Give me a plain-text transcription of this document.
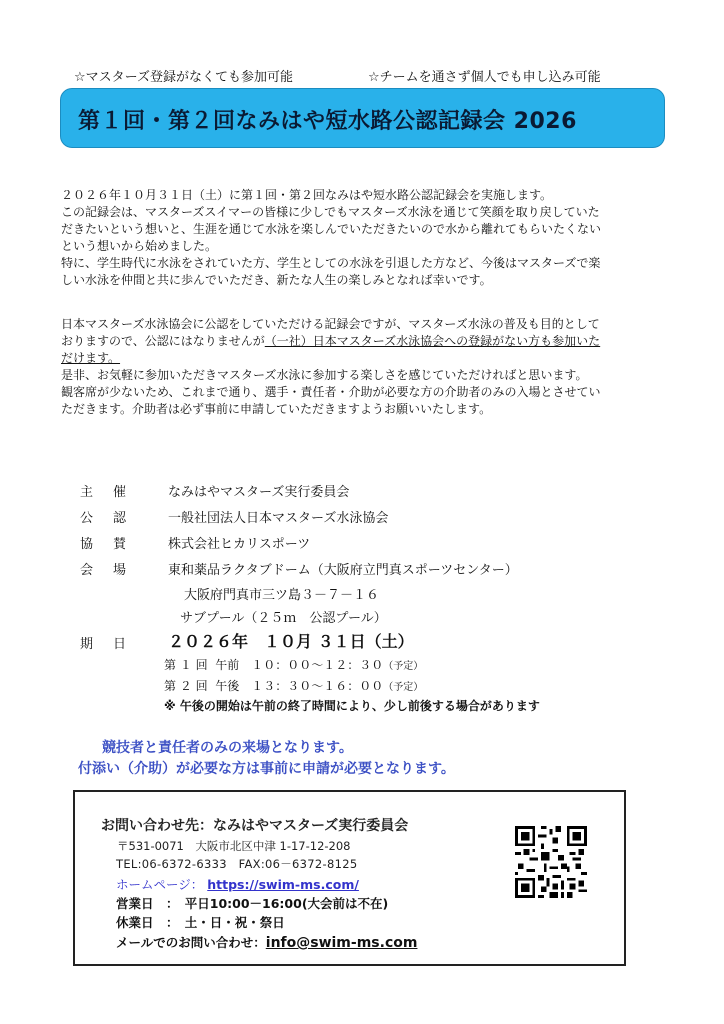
☆マスターズ登録がなくても参加可能	☆チームを通さず個人でも申し込み可能
第１回・第２回なみはや短水路公認記録会 2026

２０２６年１０月３１日（土）に第１回・第２回なみはや短水路公認記録会を実施します。

この記録会は、マスターズスイマーの皆様に少しでもマスターズ水泳を通じて笑顔を取り戻していた

だきたいという想いと、生涯を通じて水泳を楽しんでいただきたいので水から離れてもらいたくない

という想いから始めました。

特に、学生時代に水泳をされていた方、学生としての水泳を引退した方など、今後はマスターズで楽

しい水泳を仲間と共に歩んでいただき、新たな人生の楽しみとなれば幸いです。

日本マスターズ水泳協会に公認をしていただける記録会ですが、マスターズ水泳の普及も目的として

おりますので、公認にはなりませんが（一社）日本マスターズ水泳協会への登録がない方も参加いた

だけます。

是非、お気軽に参加いただきマスターズ水泳に参加する楽しさを感じていただければと思います。

観客席が少ないため、これまで通り、選手・責任者・介助が必要な方の介助者のみの入場とさせてい

ただきます。介助者は必ず事前に申請していただきますようお願いいたします。

主催	なみはやマスターズ実行委員会
公認	一般社団法人日本マスターズ水泳協会
協賛	株式会社ヒカリスポーツ
会場	東和薬品ラクタブドーム（大阪府立門真スポーツセンター）
大阪府門真市三ツ島３－７－１６
サブプール（２５ｍ　公認プール）
期日	２０２６年　１０月 ３１日（土）
第 １ 回 午前　１０：００～１２：３０（予定）
第 ２ 回 午後　１３：３０～１６：００（予定）
※ 午後の開始は午前の終了時間により、少し前後する場合があります
競技者と責任者のみの来場となります。
付添い（介助）が必要な方は事前に申請が必要となります。
お問い合わせ先：なみはやマスターズ実行委員会
〒531-0071　大阪市北区中津 1-17-12-208
TEL:06-6372-6333　FAX:06－6372-8125
ホームページ： https://swim-ms.com/
営業日　：　平日10:00－16:00(大会前は不在)
休業日　：　土・日・祝・祭日
メールでのお問い合わせ：info@swim-ms.com
